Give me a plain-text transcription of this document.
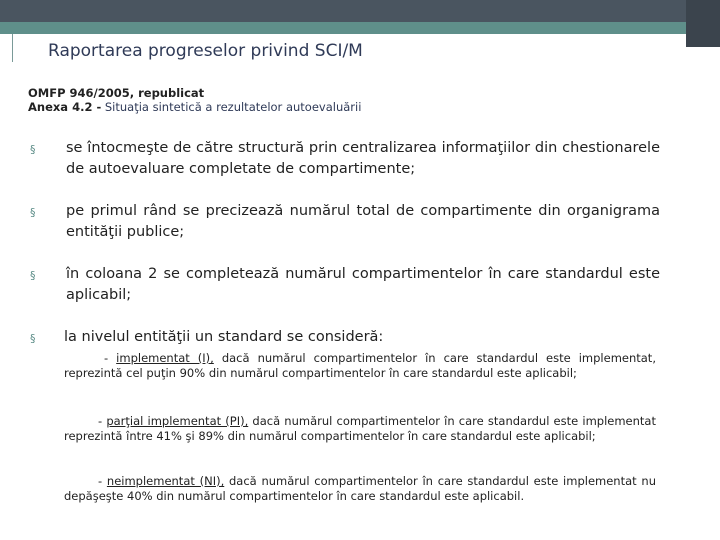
Raportarea progreselor privind SCI/M
OMFP 946/2005, republicat
Anexa 4.2 - Situaţia sintetică a rezultatelor autoevaluării
§ se întocmeşte de către structură prin centralizarea informaţiilor din chestionarele de autoevaluare completate de compartimente;
§ pe primul rând se precizează numărul total de compartimente din organigrama entităţii publice;
§ în coloana 2 se completează numărul compartimentelor în care standardul este aplicabil;
§ la nivelul entităţii un standard se consideră:
- implementat (I), dacă numărul compartimentelor în care standardul este implementat, reprezintă cel puţin 90% din numărul compartimentelor în care standardul este aplicabil;
- parţial implementat (PI), dacă numărul compartimentelor în care standardul este implementat reprezintă între 41% şi 89% din numărul compartimentelor în care standardul este aplicabil;
- neimplementat (NI), dacă numărul compartimentelor în care standardul este implementat nu depăşeşte 40% din numărul compartimentelor în care standardul este aplicabil.
